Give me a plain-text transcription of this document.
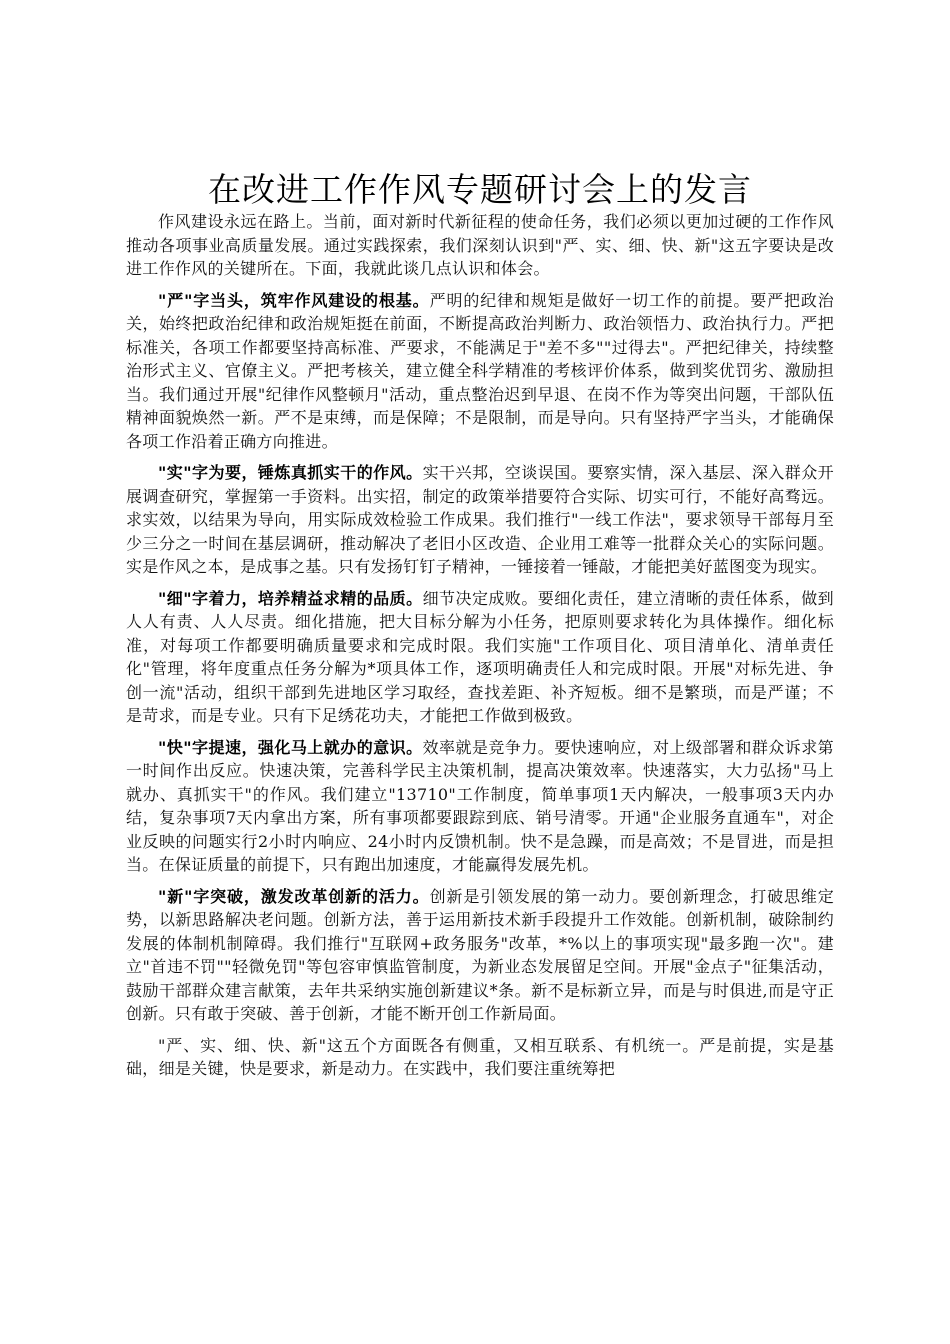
在改进工作作风专题研讨会上的发言

作风建设永远在路上。当前，面对新时代新征程的使命任务，我们必须以更加过硬的工作作风推动各项事业高质量发展。通过实践探索，我们深刻认识到"严、实、细、快、新"这五字要诀是改进工作作风的关键所在。下面，我就此谈几点认识和体会。

"严"字当头，筑牢作风建设的根基。严明的纪律和规矩是做好一切工作的前提。要严把政治关，始终把政治纪律和政治规矩挺在前面，不断提高政治判断力、政治领悟力、政治执行力。严把标准关，各项工作都要坚持高标准、严要求，不能满足于"差不多""过得去"。严把纪律关，持续整治形式主义、官僚主义。严把考核关，建立健全科学精准的考核评价体系，做到奖优罚劣、激励担当。我们通过开展"纪律作风整顿月"活动，重点整治迟到早退、在岗不作为等突出问题，干部队伍精神面貌焕然一新。严不是束缚，而是保障；不是限制，而是导向。只有坚持严字当头，才能确保各项工作沿着正确方向推进。

"实"字为要，锤炼真抓实干的作风。实干兴邦，空谈误国。要察实情，深入基层、深入群众开展调查研究，掌握第一手资料。出实招，制定的政策举措要符合实际、切实可行，不能好高骛远。求实效，以结果为导向，用实际成效检验工作成果。我们推行"一线工作法"，要求领导干部每月至少三分之一时间在基层调研，推动解决了老旧小区改造、企业用工难等一批群众关心的实际问题。实是作风之本，是成事之基。只有发扬钉钉子精神，一锤接着一锤敲，才能把美好蓝图变为现实。

"细"字着力，培养精益求精的品质。细节决定成败。要细化责任，建立清晰的责任体系，做到人人有责、人人尽责。细化措施，把大目标分解为小任务，把原则要求转化为具体操作。细化标准，对每项工作都要明确质量要求和完成时限。我们实施"工作项目化、项目清单化、清单责任化"管理，将年度重点任务分解为*项具体工作，逐项明确责任人和完成时限。开展"对标先进、争创一流"活动，组织干部到先进地区学习取经，查找差距、补齐短板。细不是繁琐，而是严谨；不是苛求，而是专业。只有下足绣花功夫，才能把工作做到极致。

"快"字提速，强化马上就办的意识。效率就是竞争力。要快速响应，对上级部署和群众诉求第一时间作出反应。快速决策，完善科学民主决策机制，提高决策效率。快速落实，大力弘扬"马上就办、真抓实干"的作风。我们建立"13710"工作制度，简单事项1天内解决，一般事项3天内办结，复杂事项7天内拿出方案，所有事项都要跟踪到底、销号清零。开通"企业服务直通车"，对企业反映的问题实行2小时内响应、24小时内反馈机制。快不是急躁，而是高效；不是冒进，而是担当。在保证质量的前提下，只有跑出加速度，才能赢得发展先机。

"新"字突破，激发改革创新的活力。创新是引领发展的第一动力。要创新理念，打破思维定势，以新思路解决老问题。创新方法，善于运用新技术新手段提升工作效能。创新机制，破除制约发展的体制机制障碍。我们推行"互联网+政务服务"改革，*%以上的事项实现"最多跑一次"。建立"首违不罚""轻微免罚"等包容审慎监管制度，为新业态发展留足空间。开展"金点子"征集活动，鼓励干部群众建言献策，去年共采纳实施创新建议*条。新不是标新立异，而是与时俱进,而是守正创新。只有敢于突破、善于创新，才能不断开创工作新局面。

"严、实、细、快、新"这五个方面既各有侧重，又相互联系、有机统一。严是前提，实是基础，细是关键，快是要求，新是动力。在实践中，我们要注重统筹把
